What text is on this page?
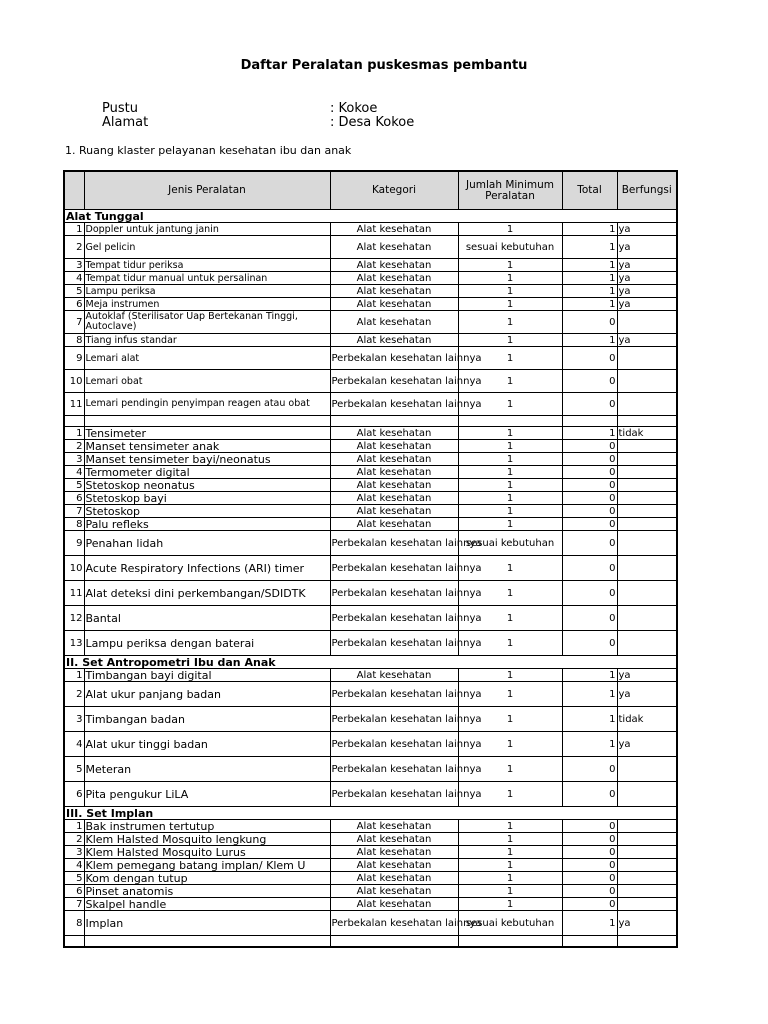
Daftar Peralatan puskesmas pembantu
Pustu	: Kokoe
Alamat	: Desa Kokoe
1. Ruang klaster pelayanan kesehatan ibu dan anak
	Jenis Peralatan	Kategori	Jumlah Minimum Peralatan	Total	Berfungsi
Alat Tunggal					
1	Doppler untuk jantung janin	Alat kesehatan	1	1	ya
2	Gel pelicin	Alat kesehatan	sesuai kebutuhan	1	ya
3	Tempat tidur periksa	Alat kesehatan	1	1	ya
4	Tempat tidur manual untuk persalinan	Alat kesehatan	1	1	ya
5	Lampu periksa	Alat kesehatan	1	1	ya
6	Meja instrumen	Alat kesehatan	1	1	ya
7	Autoklaf (Sterilisator Uap Bertekanan Tinggi, Autoclave)	Alat kesehatan	1	0	
8	Tiang infus standar	Alat kesehatan	1	1	ya
9	Lemari alat	Perbekalan kesehatan lainnya	1	0	
10	Lemari obat	Perbekalan kesehatan lainnya	1	0	
11	Lemari pendingin penyimpan reagen atau obat	Perbekalan kesehatan lainnya	1	0	

1	Tensimeter	Alat kesehatan	1	1	tidak
2	Manset tensimeter anak	Alat kesehatan	1	0	
3	Manset tensimeter bayi/neonatus	Alat kesehatan	1	0	
4	Termometer digital	Alat kesehatan	1	0	
5	Stetoskop neonatus	Alat kesehatan	1	0	
6	Stetoskop bayi	Alat kesehatan	1	0	
7	Stetoskop	Alat kesehatan	1	0	
8	Palu refleks	Alat kesehatan	1	0	
9	Penahan lidah	Perbekalan kesehatan lainnya	sesuai kebutuhan	0	
10	Acute Respiratory Infections (ARI) timer	Perbekalan kesehatan lainnya	1	0	
11	Alat deteksi dini perkembangan/SDIDTK	Perbekalan kesehatan lainnya	1	0	
12	Bantal	Perbekalan kesehatan lainnya	1	0	
13	Lampu periksa dengan baterai	Perbekalan kesehatan lainnya	1	0	
II. Set Antropometri Ibu dan Anak					
1	Timbangan bayi digital	Alat kesehatan	1	1	ya
2	Alat ukur panjang badan	Perbekalan kesehatan lainnya	1	1	ya
3	Timbangan badan	Perbekalan kesehatan lainnya	1	1	tidak
4	Alat ukur tinggi badan	Perbekalan kesehatan lainnya	1	1	ya
5	Meteran	Perbekalan kesehatan lainnya	1	0	
6	Pita pengukur LiLA	Perbekalan kesehatan lainnya	1	0	
III. Set Implan					
1	Bak instrumen tertutup	Alat kesehatan	1	0	
2	Klem Halsted Mosquito lengkung	Alat kesehatan	1	0	
3	Klem Halsted Mosquito Lurus	Alat kesehatan	1	0	
4	Klem pemegang batang implan/ Klem U	Alat kesehatan	1	0	
5	Kom dengan tutup	Alat kesehatan	1	0	
6	Pinset anatomis	Alat kesehatan	1	0	
7	Skalpel handle	Alat kesehatan	1	0	
8	Implan	Perbekalan kesehatan lainnya	sesuai kebutuhan	1	ya
